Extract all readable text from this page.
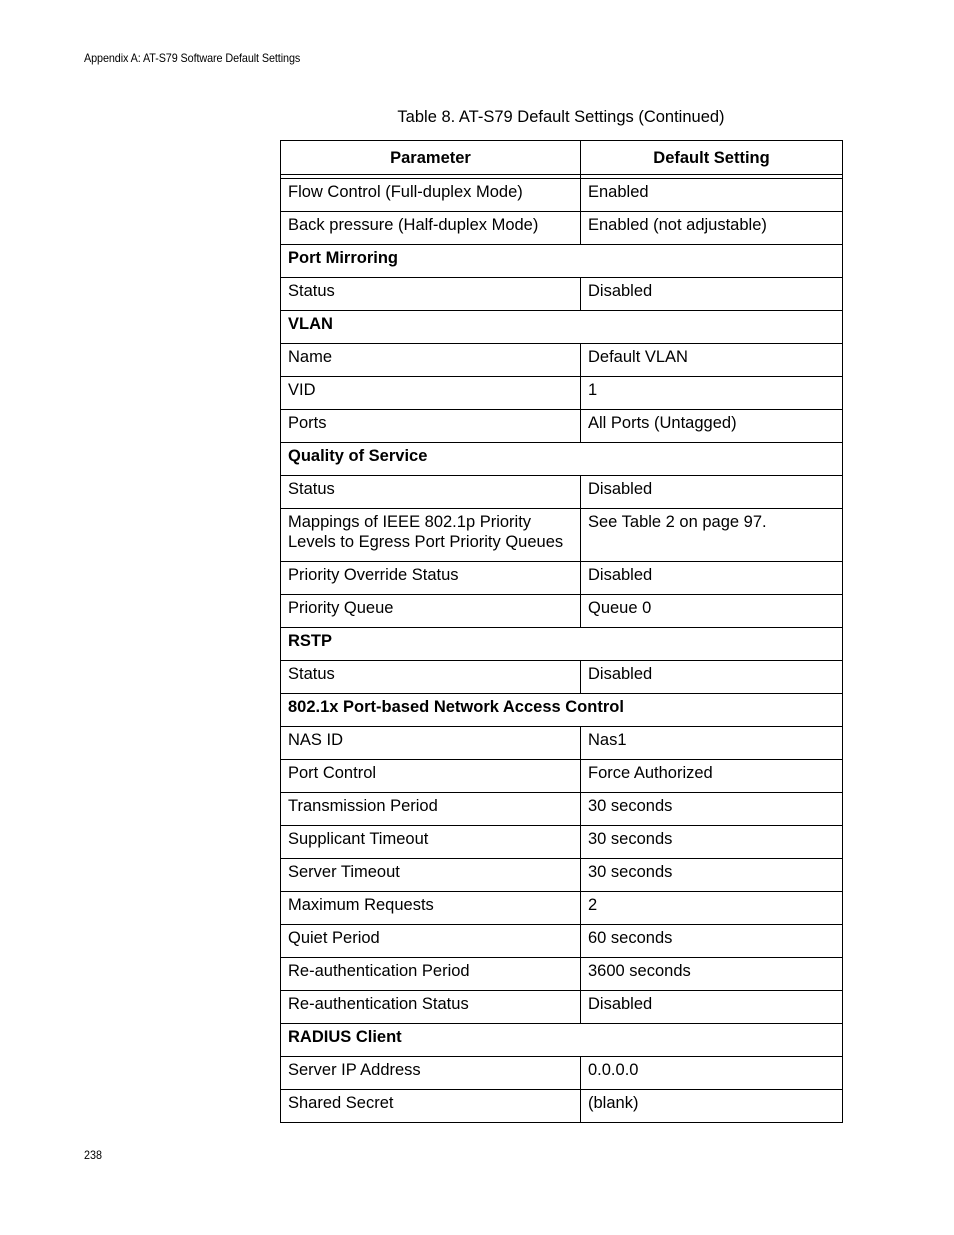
Appendix A: AT-S79 Software Default Settings
Table 8. AT-S79 Default Settings (Continued)
Parameter	Default Setting

Flow Control (Full-duplex Mode)	Enabled
Back pressure (Half-duplex Mode)	Enabled (not adjustable)
Port Mirroring	
Status	Disabled
VLAN	
Name	Default VLAN
VID	1
Ports	All Ports (Untagged)
Quality of Service	
Status	Disabled
Mappings of IEEE 802.1p Priority Levels to Egress Port Priority Queues	See Table 2 on page 97.
Priority Override Status	Disabled
Priority Queue	Queue 0
RSTP	
Status	Disabled
802.1x Port-based Network Access Control	
NAS ID	Nas1
Port Control	Force Authorized
Transmission Period	30 seconds
Supplicant Timeout	30 seconds
Server Timeout	30 seconds
Maximum Requests	2
Quiet Period	60 seconds
Re-authentication Period	3600 seconds
Re-authentication Status	Disabled
RADIUS Client	
Server IP Address	0.0.0.0
Shared Secret	(blank)
238
